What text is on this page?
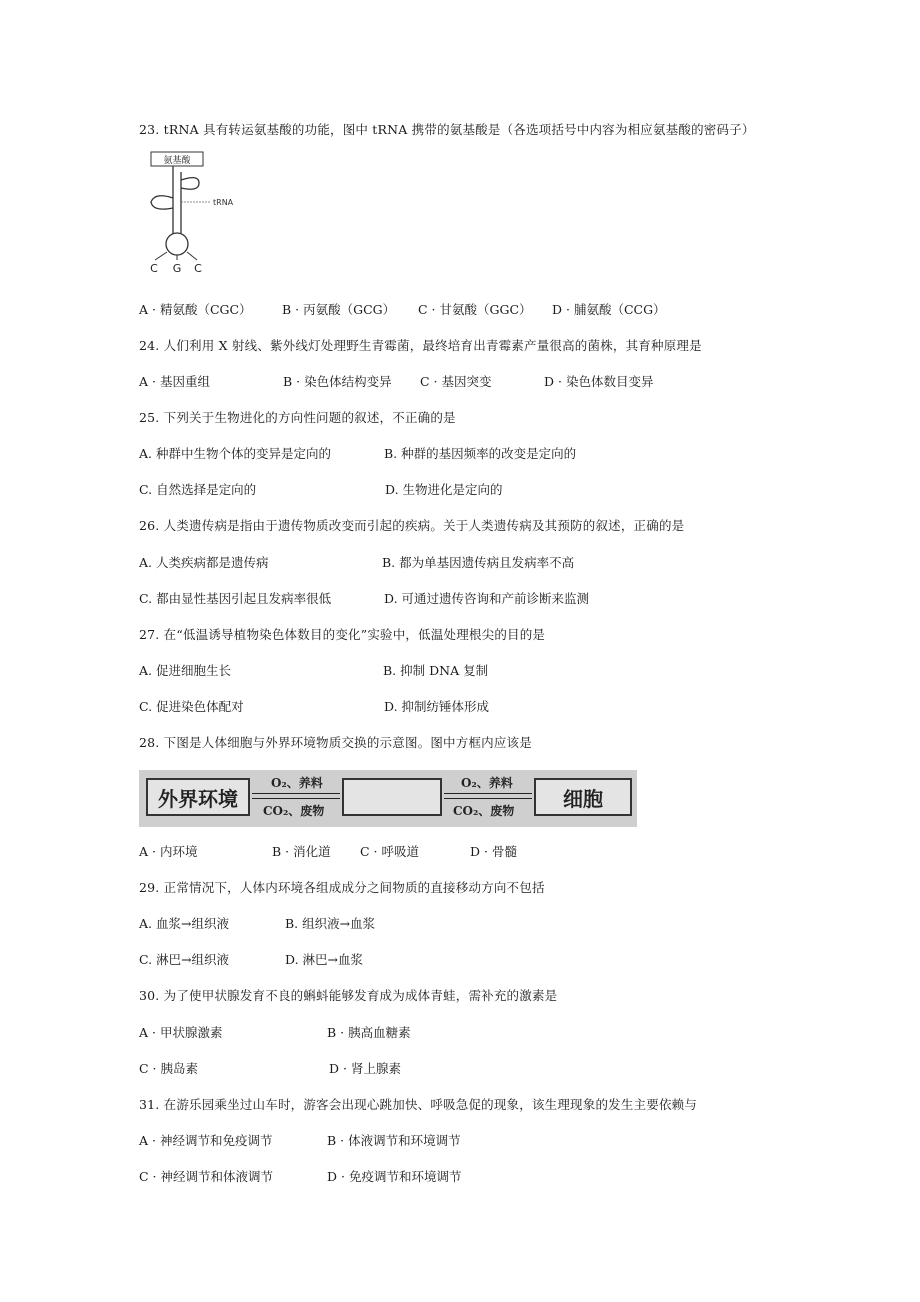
23. tRNA 具有转运氨基酸的功能，图中 tRNA 携带的氨基酸是（各选项括号中内容为相应氨基酸的密码子）
氨基酸
tRNA
C G C
A · 精氨酸（CGC） B · 丙氨酸（GCG） C · 甘氨酸（GGC） D · 脯氨酸（CCG）
24. 人们利用 X 射线、紫外线灯处理野生青霉菌，最终培育出青霉素产量很高的菌株，其育种原理是
A · 基因重组	B · 染色体结构变异 C · 基因突变	D · 染色体数目变异
25. 下列关于生物进化的方向性问题的叙述，不正确的是
A. 种群中生物个体的变异是定向的	B. 种群的基因频率的改变是定向的
C. 自然选择是定向的	D. 生物进化是定向的
26. 人类遗传病是指由于遗传物质改变而引起的疾病。关于人类遗传病及其预防的叙述，正确的是
A. 人类疾病都是遗传病	B. 都为单基因遗传病且发病率不高
C. 都由显性基因引起且发病率很低	D. 可通过遗传咨询和产前诊断来监测
27. 在“低温诱导植物染色体数目的变化”实验中，低温处理根尖的目的是
A. 促进细胞生长	B. 抑制 DNA 复制
C. 促进染色体配对	D. 抑制纺锤体形成
28. 下图是人体细胞与外界环境物质交换的示意图。图中方框内应该是
外界环境
O₂、养料
CO₂、废物
O₂、养料
CO₂、废物	细胞
A · 内环境	B · 消化道 C · 呼吸道	D · 骨髓
29. 正常情况下，人体内环境各组成成分之间物质的直接移动方向不包括
A. 血浆→组织液	B. 组织液→血浆
C. 淋巴→组织液	D. 淋巴→血浆
30. 为了使甲状腺发育不良的蝌蚪能够发育成为成体青蛙，需补充的激素是
A · 甲状腺激素	B · 胰高血糖素
C · 胰岛素	D · 肾上腺素
31. 在游乐园乘坐过山车时，游客会出现心跳加快、呼吸急促的现象，该生理现象的发生主要依赖与
A · 神经调节和免疫调节	B · 体液调节和环境调节
C · 神经调节和体液调节	D · 免疫调节和环境调节
